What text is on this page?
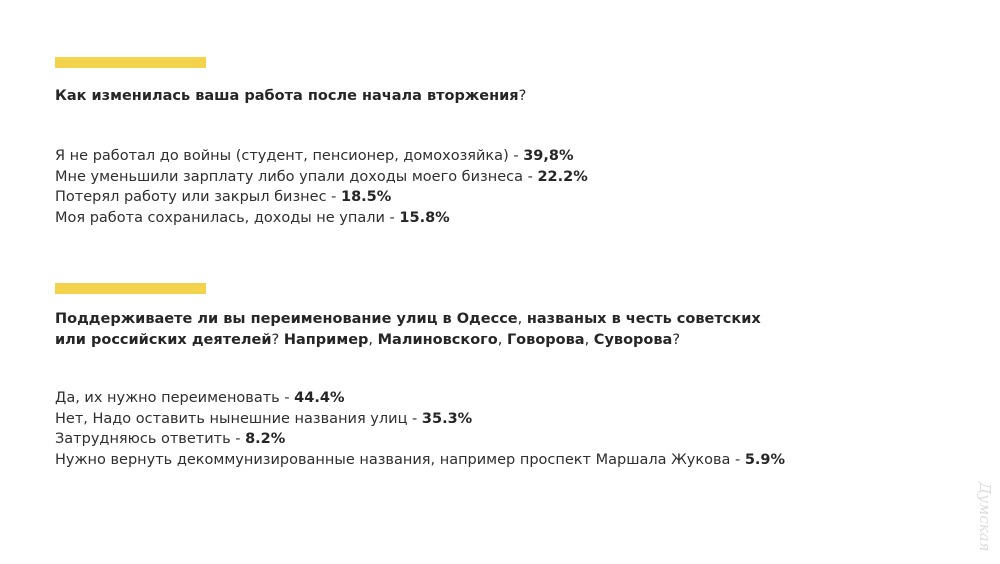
Как изменилась ваша работа после начала вторжения?
Я не работал до войны (студент, пенсионер, домохозяйка) - 39,8%
Мне уменьшили зарплату либо упали доходы моего бизнеса - 22.2%
Потерял работу или закрыл бизнес - 18.5%
Моя работа сохранилась, доходы не упали - 15.8%
Поддерживаете ли вы переименование улиц в Одессе, названых в честь советских или российских деятелей? Например, Малиновского, Говорова, Суворова?
Да, их нужно переименовать - 44.4%
Нет, Надо оставить нынешние названия улиц - 35.3%
Затрудняюсь ответить - 8.2%
Нужно вернуть декоммунизированные названия, например проспект Маршала Жукова - 5.9%
Думская
